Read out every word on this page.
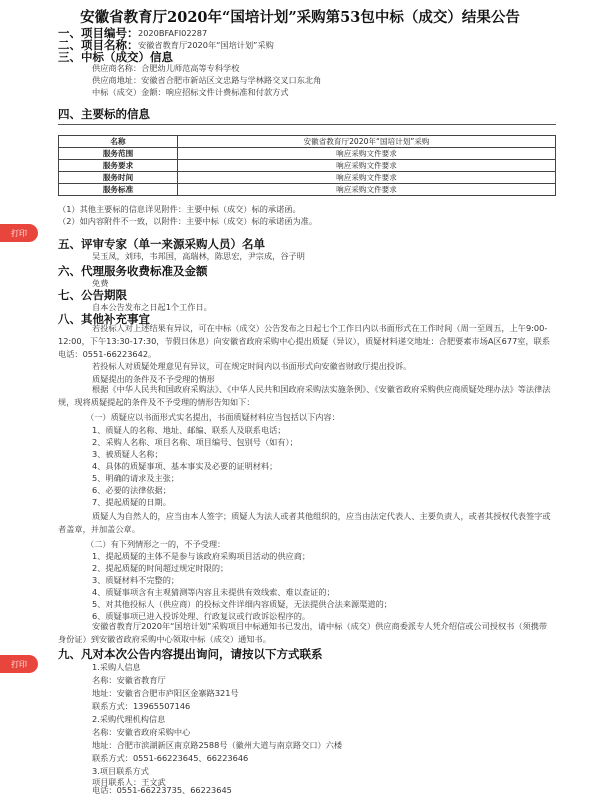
安徽省教育厅2020年“国培计划”采购第53包中标（成交）结果公告
一、项目编号： 2020BFAFI02287
二、项目名称： 安徽省教育厅2020年“国培计划”采购
三、中标（成交）信息
供应商名称：合肥幼儿师范高等专科学校
供应商地址：安徽省合肥市新站区文忠路与学林路交叉口东北角
中标（成交）金额：响应招标文件计费标准和付款方式
四、主要标的信息
名称	安徽省教育厅2020年“国培计划”采购
服务范围	响应采购文件要求
服务要求	响应采购文件要求
服务时间	响应采购文件要求
服务标准	响应采购文件要求
（1）其他主要标的信息详见附件：主要中标（成交）标的承诺函。
（2）如内容附件不一致，以附件：主要中标（成交）标的承诺函为准。
打印
五、评审专家（单一来源采购人员）名单
吴玉凤，刘玮，韦邦国，高瑞林，陈思宏，尹宗成，谷子明
六、代理服务收费标准及金额
免费
七、公告期限
自本公告发布之日起1个工作日。
八、其他补充事宜
若投标人对上述结果有异议，可在中标（成交）公告发布之日起七个工作日内以书面形式在工作时间（周一至周五，上午9:00-12:00，下午13:30-17:30，节假日休息）向安徽省政府采购中心提出质疑（异议），质疑材料递交地址：合肥要素市场A区677室，联系电话：0551-66223642。
若投标人对质疑处理意见有异议，可在规定时间内以书面形式向安徽省财政厅提出投诉。
质疑提出的条件及不予受理的情形
根据《中华人民共和国政府采购法》、《中华人民共和国政府采购法实施条例》、《安徽省政府采购供应商质疑处理办法》等法律法规，现将质疑提起的条件及不予受理的情形告知如下：
（一）质疑应以书面形式实名提出，书面质疑材料应当包括以下内容：
1、质疑人的名称、地址、邮编、联系人及联系电话；
2、采购人名称、项目名称、项目编号、包别号（如有）；
3、被质疑人名称；
4、具体的质疑事项、基本事实及必要的证明材料；
5、明确的请求及主张；
6、必要的法律依据；
7、提起质疑的日期。
质疑人为自然人的，应当由本人签字；质疑人为法人或者其他组织的，应当由法定代表人、主要负责人，或者其授权代表签字或者盖章，并加盖公章。
（二）有下列情形之一的，不予受理：
1、提起质疑的主体不是参与该政府采购项目活动的供应商；
2、提起质疑的时间超过规定时限的；
3、质疑材料不完整的；
4、质疑事项含有主观猜测等内容且未提供有效线索、难以查证的；
5、对其他投标人（供应商）的投标文件详细内容质疑，无法提供合法来源渠道的；
6、质疑事项已进入投诉处理、行政复议或行政诉讼程序的。
安徽省教育厅2020年“国培计划”采购项目中标通知书已发出，请中标（成交）供应商委派专人凭介绍信或公司授权书（须携带身份证）到安徽省政府采购中心领取中标（成交）通知书。
打印
九、凡对本次公告内容提出询问，请按以下方式联系
1.采购人信息
名称：安徽省教育厅
地址：安徽省合肥市庐阳区金寨路321号
联系方式：13965507146
2.采购代理机构信息
名称：安徽省政府采购中心
地址：合肥市滨湖新区南京路2588号（徽州大道与南京路交口）六楼
联系方式：0551-66223645、66223646
3.项目联系方式
项目联系人：王文武
电话：0551-66223735、66223645
